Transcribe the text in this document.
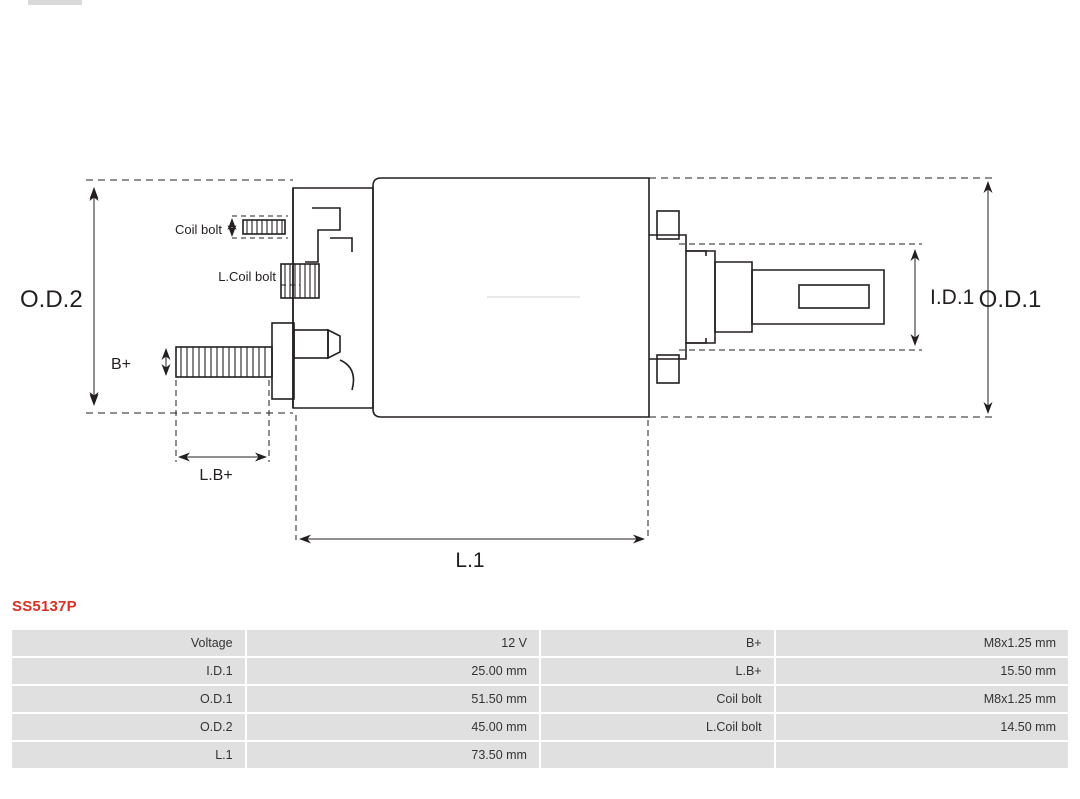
O.D.2	O.D.1
I.D.1
L.1
L.B+
B+
Coil bolt
L.Coil bolt
SS5137P
Voltage	12 V	B+	M8x1.25 mm
I.D.1	25.00 mm	L.B+	15.50 mm
O.D.1	51.50 mm	Coil bolt	M8x1.25 mm
O.D.2	45.00 mm	L.Coil bolt	14.50 mm
L.1	73.50 mm		
